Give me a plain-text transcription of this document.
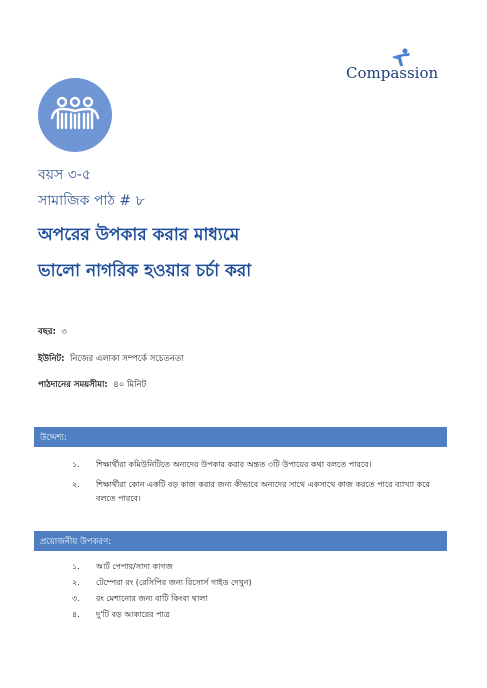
Compassion
বয়স ৩-৫
সামাজিক পাঠ # ৮
অপরের উপকার করার মাধ্যমে
ভালো নাগরিক হওয়ার চর্চা করা
বছর: ৩
ইউনিট: নিজের এলাকা সম্পর্কে সচেতনতা
পাঠদানের সময়সীমা: ৪০ মিনিট
উদ্দেশ্য:
১. শিক্ষার্থীরা কমিউনিটিতে অন্যদের উপকার করার অন্তত ৩টি উপায়ের কথা বলতে পারবে।
২. শিক্ষার্থীরা কোন একটি বড় কাজ করার জন্য কীভাবে অন্যদের সাথে একসাথে কাজ করতে পারে ব্যাখ্যা করে বলতে পারবে।
প্রয়োজনীয় উপকরণ:
১. আর্ট পেপার/সাদা কাগজ
২. টেম্পেরা রং (রেসিপির জন্য রিসোর্স গাইড দেখুন)
৩. রং মেশানোর জন্য বাটি কিংবা থালা
৪. দু'টি বড় আকারের পাত্র
